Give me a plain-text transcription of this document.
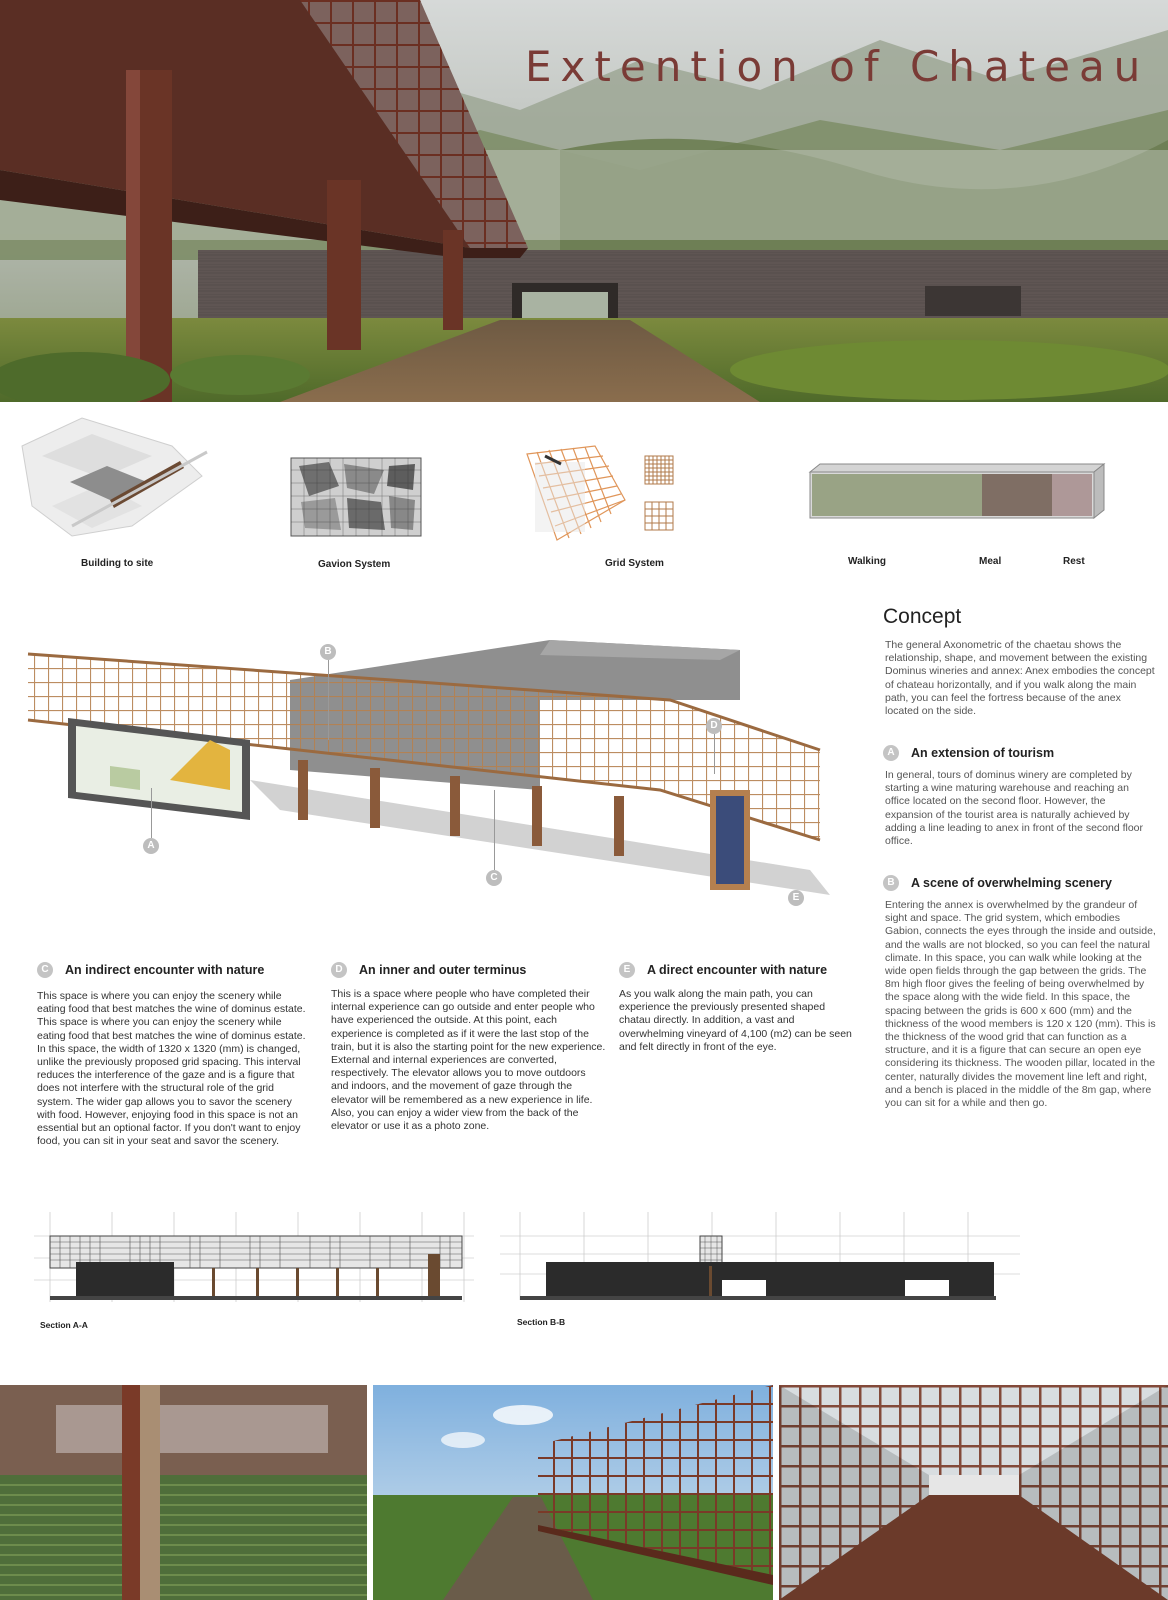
Extention of Chateau
Building to site	Gavion System	Grid System	Walking	Meal	Rest
B
A
C
D
E
Concept
The general Axonometric of the chaetau shows the relationship, shape, and movement between the existing Dominus wineries and annex: Anex embodies the concept of chateau horizontally, and if you walk along the main path, you can feel the fortress because of the anex located on the side.
A	An extension of tourism
In general, tours of dominus winery are completed by starting a wine maturing warehouse and reaching an office located on the second floor. However, the expansion of the tourist area is naturally achieved by adding a line leading to anex in front of the second floor office.
B	A scene of overwhelming scenery
Entering the annex is overwhelmed by the grandeur of sight and space. The grid system, which embodies Gabion, connects the eyes through the inside and outside, and the walls are not blocked, so you can feel the natural climate. In this space, you can walk while looking at the wide open fields through the gap between the grids. The 8m high floor gives the feeling of being overwhelmed by the space along with the wide field. In this space, the spacing between the grids is 600 x 600 (mm) and the thickness of the wood members is 120 x 120 (mm). This is the thickness of the wood grid that can function as a structure, and it is a figure that can secure an open eye considering its thickness. The wooden pillar, located in the center, naturally divides the movement line left and right, and a bench is placed in the middle of the 8m gap, where you can sit for a while and then go.
C	An indirect encounter with nature
This space is where you can enjoy the scenery while eating food that best matches the wine of dominus estate. This space is where you can enjoy the scenery while eating food that best matches the wine of dominus estate. In this space, the width of 1320 x 1320 (mm) is changed, unlike the previously proposed grid spacing. This interval reduces the interference of the gaze and is a figure that does not interfere with the structural role of the grid system. The wider gap allows you to savor the scenery with food. However, enjoying food in this space is not an essential but an optional factor. If you don't want to enjoy food, you can sit in your seat and savor the scenery.
D	An inner and outer terminus
This is a space where people who have completed their internal experience can go outside and enter people who have experienced the outside. At this point, each experience is completed as if it were the last stop of the train, but it is also the starting point for the new experience. External and internal experiences are converted, respectively. The elevator allows you to move outdoors and indoors, and the movement of gaze through the elevator will be remembered as a new experience in life. Also, you can enjoy a wider view from the back of the elevator or use it as a photo zone.
E	A direct encounter with nature
As you walk along the main path, you can experience the previously presented shaped chatau directly. In addition, a vast and overwhelming vineyard of 4,100 (m2) can be seen and felt directly in front of the eye.
Section A-A	Section B-B
